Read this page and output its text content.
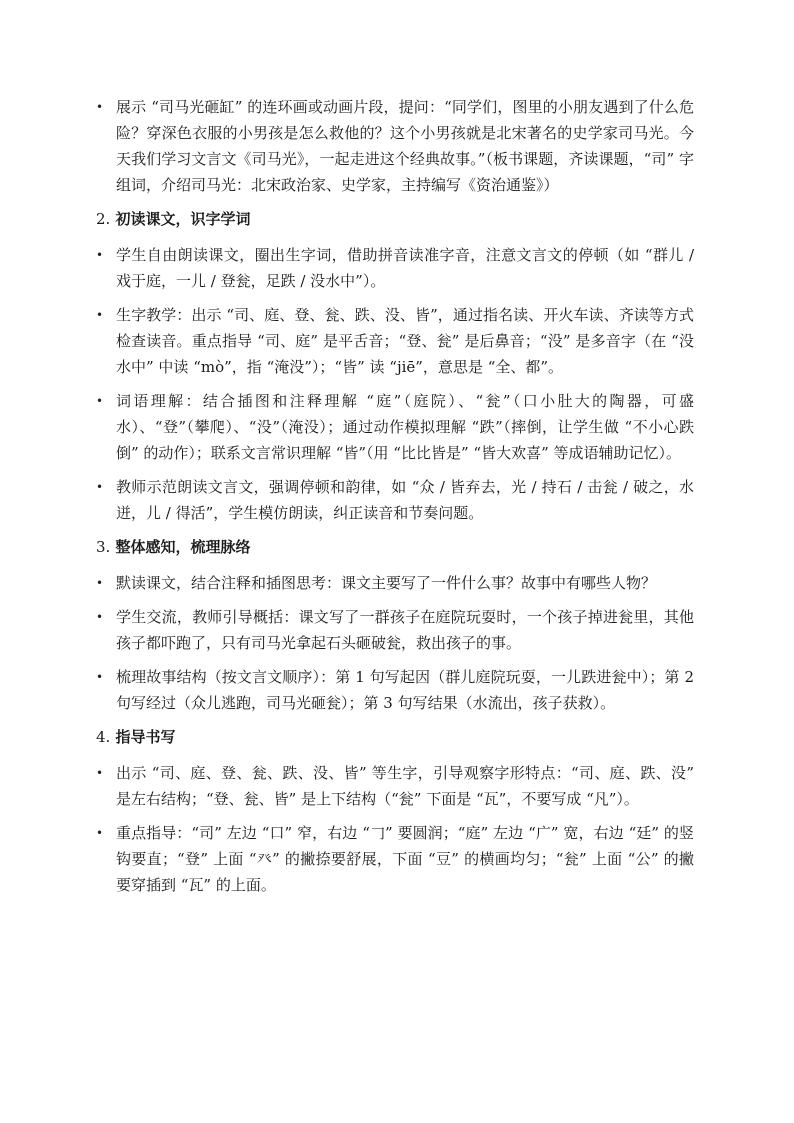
• 展示 “司马光砸缸” 的连环画或动画片段，提问：“同学们，图里的小朋友遇到了什么危险？穿深色衣服的小男孩是怎么救他的？这个小男孩就是北宋著名的史学家司马光。今天我们学习文言文《司马光》，一起走进这个经典故事。”（板书课题，齐读课题，“司” 字组词，介绍司马光：北宋政治家、史学家，主持编写《资治通鉴》）
2. 初读课文，识字学词
• 学生自由朗读课文，圈出生字词，借助拼音读准字音，注意文言文的停顿（如 “群儿 / 戏于庭，一儿 / 登瓮，足跌 / 没水中”）。
• 生字教学：出示 “司、庭、登、瓮、跌、没、皆”，通过指名读、开火车读、齐读等方式检查读音。重点指导 “司、庭” 是平舌音；“登、瓮” 是后鼻音；“没” 是多音字（在 “没水中” 中读 “mò”，指 “淹没”）；“皆” 读 “jiē”，意思是 “全、都”。
• 词语理解：结合插图和注释理解 “庭”（庭院）、“瓮”（口小肚大的陶器，可盛水）、“登”（攀爬）、“没”（淹没）；通过动作模拟理解 “跌”（摔倒，让学生做 “不小心跌倒” 的动作）；联系文言常识理解 “皆”（用 “比比皆是” “皆大欢喜” 等成语辅助记忆）。
• 教师示范朗读文言文，强调停顿和韵律，如 “众 / 皆弃去，光 / 持石 / 击瓮 / 破之，水迸，儿 / 得活”，学生模仿朗读，纠正读音和节奏问题。
3. 整体感知，梳理脉络
• 默读课文，结合注释和插图思考：课文主要写了一件什么事？故事中有哪些人物？
• 学生交流，教师引导概括：课文写了一群孩子在庭院玩耍时，一个孩子掉进瓮里，其他孩子都吓跑了，只有司马光拿起石头砸破瓮，救出孩子的事。
• 梳理故事结构（按文言文顺序）：第 1 句写起因（群儿庭院玩耍，一儿跌进瓮中）；第 2 句写经过（众儿逃跑，司马光砸瓮）；第 3 句写结果（水流出，孩子获救）。
4. 指导书写
• 出示 “司、庭、登、瓮、跌、没、皆” 等生字，引导观察字形特点：“司、庭、跌、没” 是左右结构；“登、瓮、皆” 是上下结构（“瓮” 下面是 “瓦”，不要写成 “凡”）。
• 重点指导：“司” 左边 “口” 窄，右边 “𠃌” 要圆润；“庭” 左边 “广” 宽，右边 “廷” 的竖钩要直；“登” 上面 “癶” 的撇捺要舒展，下面 “豆” 的横画均匀；“瓮” 上面 “公” 的撇要穿插到 “瓦” 的上面。
